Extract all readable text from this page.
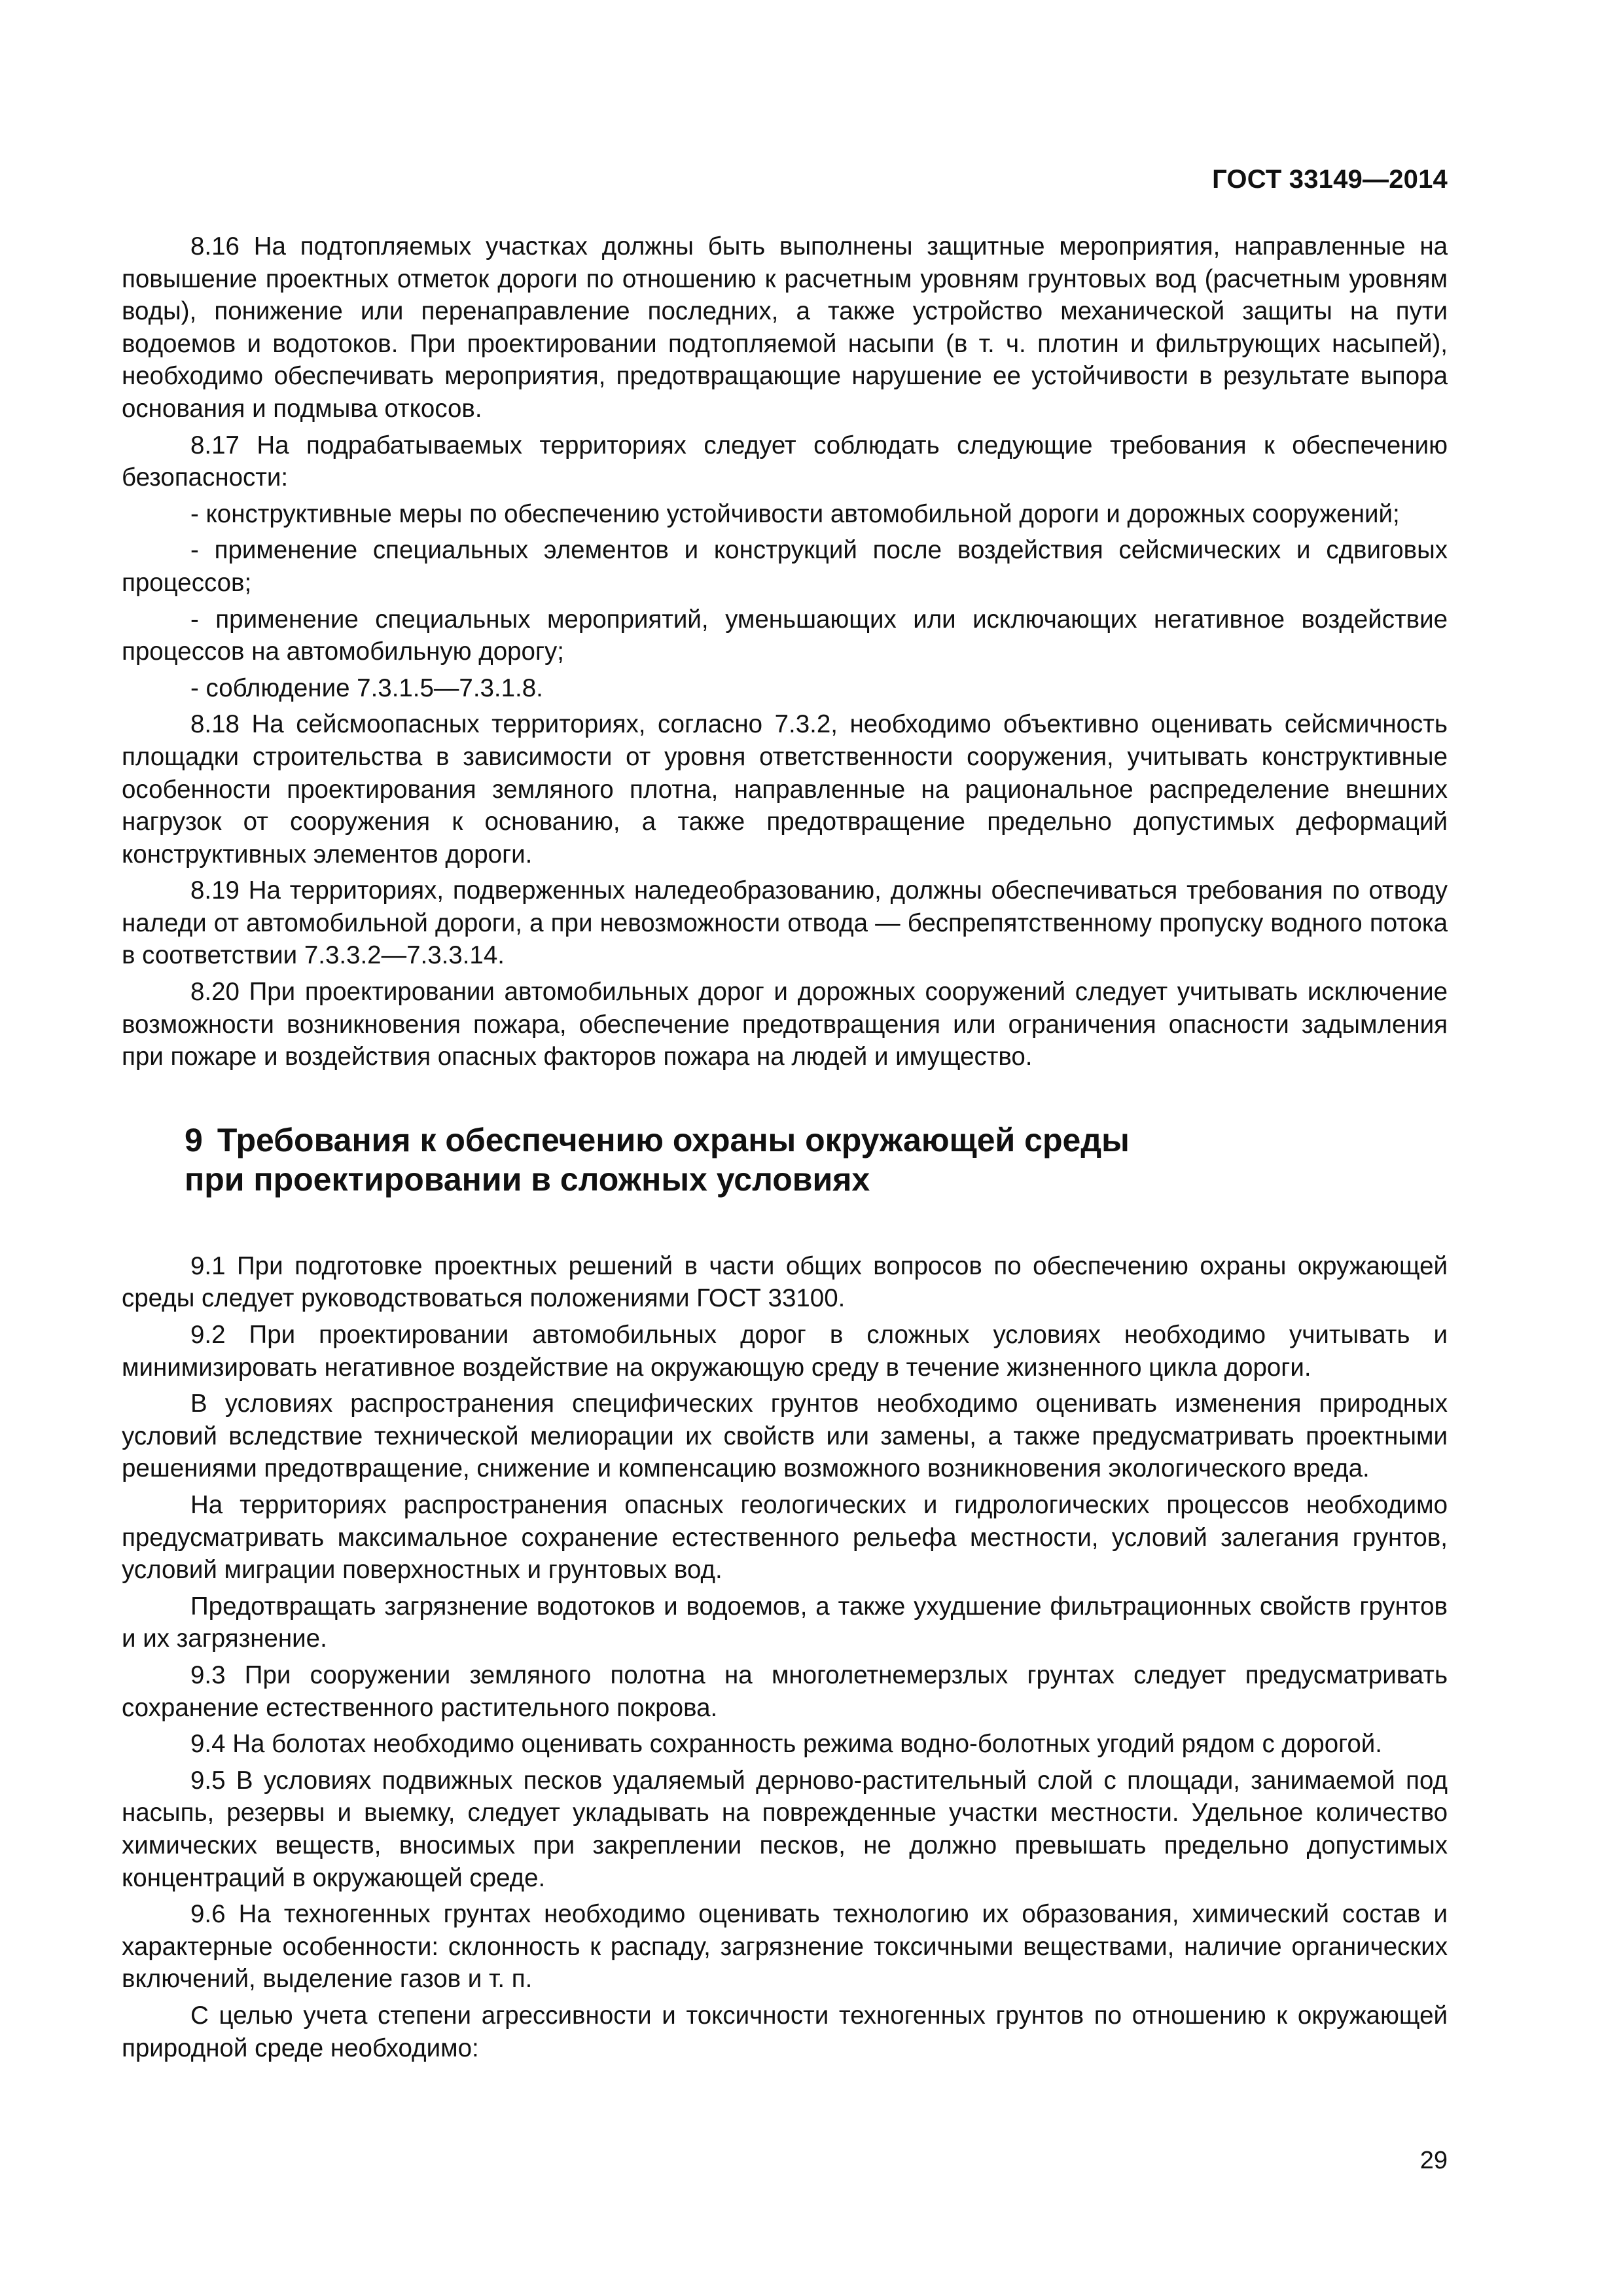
ГОСТ 33149—2014

8.16 На подтопляемых участках должны быть выполнены защитные мероприятия, направленные на повышение проектных отметок дороги по отношению к расчетным уровням грунтовых вод (расчетным уровням воды), понижение или перенаправление последних, а также устройство механической защиты на пути водоемов и водотоков. При проектировании подтопляемой насыпи (в т. ч. плотин и фильтрующих насыпей), необходимо обеспечивать мероприятия, предотвращающие нарушение ее устойчивости в результате выпора основания и подмыва откосов.

8.17 На подрабатываемых территориях следует соблюдать следующие требования к обеспечению безопасности:

- конструктивные меры по обеспечению устойчивости автомобильной дороги и дорожных сооружений;

- применение специальных элементов и конструкций после воздействия сейсмических и сдвиговых процессов;

- применение специальных мероприятий, уменьшающих или исключающих негативное воздействие процессов на автомобильную дорогу;

- соблюдение 7.3.1.5—7.3.1.8.

8.18 На сейсмоопасных территориях, согласно 7.3.2, необходимо объективно оценивать сейсмичность площадки строительства в зависимости от уровня ответственности сооружения, учитывать конструктивные особенности проектирования земляного плотна, направленные на рациональное распределение внешних нагрузок от сооружения к основанию, а также предотвращение предельно допустимых деформаций конструктивных элементов дороги.

8.19 На территориях, подверженных наледеобразованию, должны обеспечиваться требования по отводу наледи от автомобильной дороги, а при невозможности отвода — беспрепятственному пропуску водного потока в соответствии 7.3.3.2—7.3.3.14.

8.20 При проектировании автомобильных дорог и дорожных сооружений следует учитывать исключение возможности возникновения пожара, обеспечение предотвращения или ограничения опасности задымления при пожаре и воздействия опасных факторов пожара на людей и имущество.

9 Требования к обеспечению охраны окружающей среды
при проектировании в сложных условиях

9.1 При подготовке проектных решений в части общих вопросов по обеспечению охраны окружающей среды следует руководствоваться положениями ГОСТ 33100.

9.2 При проектировании автомобильных дорог в сложных условиях необходимо учитывать и минимизировать негативное воздействие на окружающую среду в течение жизненного цикла дороги.

В условиях распространения специфических грунтов необходимо оценивать изменения природных условий вследствие технической мелиорации их свойств или замены, а также предусматривать проектными решениями предотвращение, снижение и компенсацию возможного возникновения экологического вреда.

На территориях распространения опасных геологических и гидрологических процессов необходимо предусматривать максимальное сохранение естественного рельефа местности, условий залегания грунтов, условий миграции поверхностных и грунтовых вод.

Предотвращать загрязнение водотоков и водоемов, а также ухудшение фильтрационных свойств грунтов и их загрязнение.

9.3 При сооружении земляного полотна на многолетнемерзлых грунтах следует предусматривать сохранение естественного растительного покрова.

9.4 На болотах необходимо оценивать сохранность режима водно-болотных угодий рядом с дорогой.

9.5 В условиях подвижных песков удаляемый дерново-растительный слой с площади, занимаемой под насыпь, резервы и выемку, следует укладывать на поврежденные участки местности. Удельное количество химических веществ, вносимых при закреплении песков, не должно превышать предельно допустимых концентраций в окружающей среде.

9.6 На техногенных грунтах необходимо оценивать технологию их образования, химический состав и характерные особенности: склонность к распаду, загрязнение токсичными веществами, наличие органических включений, выделение газов и т. п.

С целью учета степени агрессивности и токсичности техногенных грунтов по отношению к окружающей природной среде необходимо:

29
